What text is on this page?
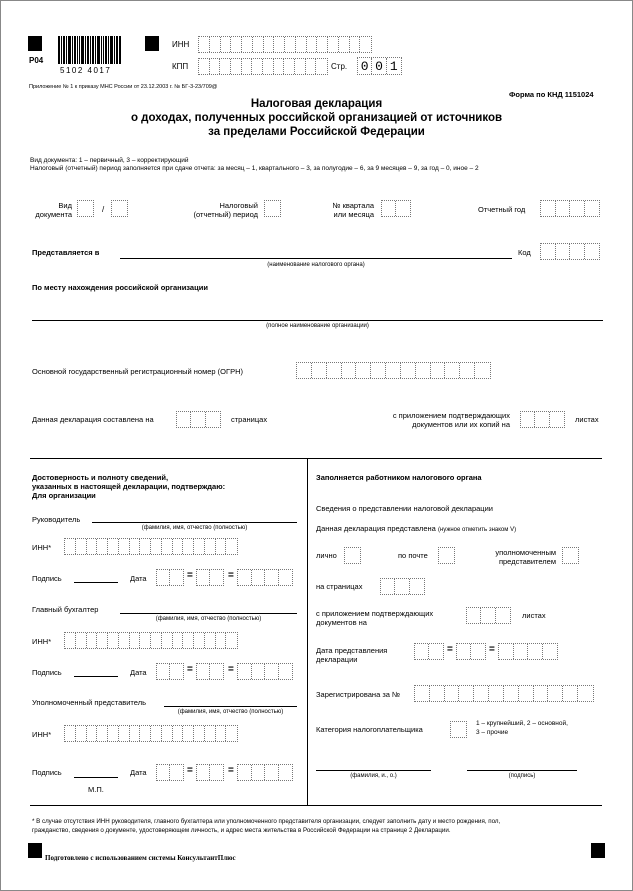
5102 4017
Р04
ИНН
КПП	Стр. 0 0 1
Приложение № 1 к приказу МНС России от 23.12.2003 г. № БГ-3-23/709@
Форма по КНД 1151024
Налоговая декларация
о доходах, полученных российской организацией от источников
за пределами Российской Федерации
Вид документа: 1 – первичный, 3 – корректирующий
Налоговый (отчетный) период заполняется при сдаче отчета: за месяц – 1, квартального – 3, за полугодие – 6, за 9 месяцев – 9, за год – 0, иное – 2
Вид
документа
/	Налоговый
(отчетный) период
№ квартала
или месяца
Отчетный год
Представляется в
(наименование налогового органа)
Код
По месту нахождения российской организации
(полное наименование организации)
Основной государственный регистрационный номер (ОГРН)
Данная декларация составлена на	страницах	с приложением подтверждающих
документов или их копий на
листах
Достоверность и полноту сведений,
указанных в настоящей декларации, подтверждаю:
Для организации
Руководитель
(фамилия, имя, отчество (полностью)
ИНН*
Подпись	Дата	=	=
Главный бухгалтер
(фамилия, имя, отчество (полностью)
ИНН*
Подпись	Дата	=	=
Уполномоченный представитель
(фамилия, имя, отчество (полностью)
ИНН*
Подпись	Дата	=	=
М.П.
Заполняется работником налогового органа
Сведения о представлении налоговой декларации
Данная декларация представлена (нужное отметить знаком V)
лично	по почте	уполномоченным
представителем
на страницах
с приложением подтверждающих
документов на
листах
Дата представления
декларации
=	=
Зарегистрирована за №
Категория налогоплательщика
1 – крупнейший, 2 – основной,
3 – прочие
(фамилия, и., о.)	(подпись)
* В случае отсутствия ИНН руководителя, главного бухгалтера или уполномоченного представителя организации, следует заполнить дату и место рождения, пол,
гражданство, сведения о документе, удостоверяющем личность, и адрес места жительства в Российской Федерации на странице 2 Декларации.
Подготовлено с использованием системы КонсультантПлюс
